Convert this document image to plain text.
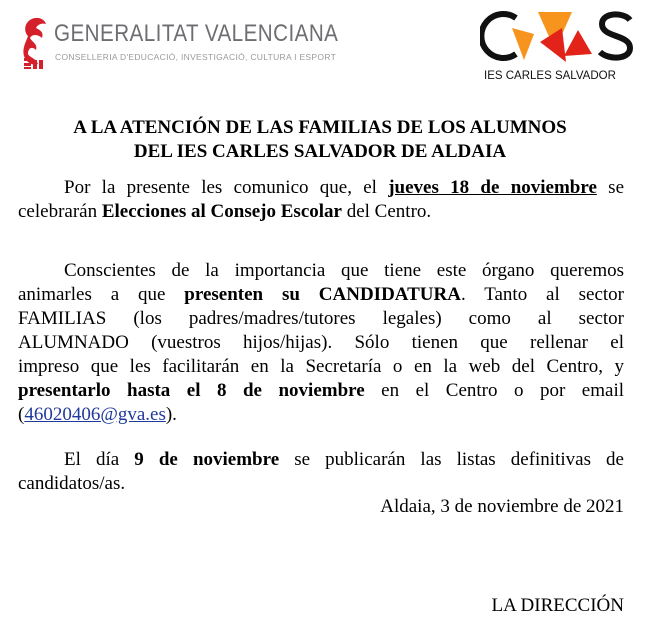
GENERALITAT VALENCIANA
CONSELLERIA D'EDUCACIÓ, INVESTIGACIÓ, CULTURA I ESPORT
IES CARLES SALVADOR
A LA ATENCIÓN DE LAS FAMILIAS DE LOS ALUMNOS
DEL IES CARLES SALVADOR DE ALDAIA
Por la presente les comunico que, el jueves 18 de noviembre se
celebrarán Elecciones al Consejo Escolar del Centro.
Conscientes de la importancia que tiene este órgano queremos
animarles a que presenten su CANDIDATURA. Tanto al sector
FAMILIAS (los padres/madres/tutores legales) como al sector
ALUMNADO (vuestros hijos/hijas). Sólo tienen que rellenar el
impreso que les facilitarán en la Secretaría o en la web del Centro, y
presentarlo hasta el 8 de noviembre en el Centro o por email
(46020406@gva.es).
El día 9 de noviembre se publicarán las listas definitivas de
candidatos/as.
Aldaia, 3 de noviembre de 2021
LA DIRECCIÓN
